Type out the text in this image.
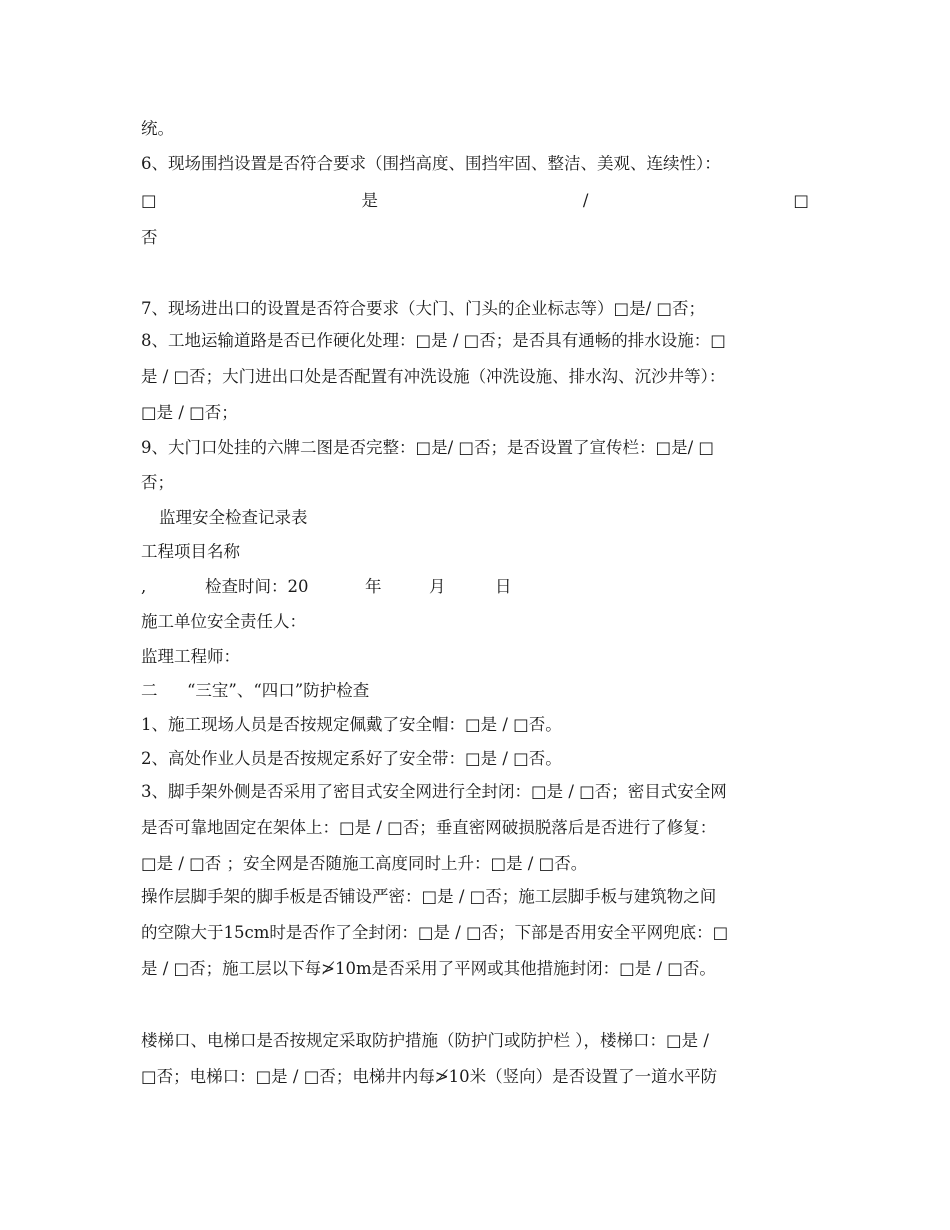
统。
6、现场围挡设置是否符合要求（围挡高度、围挡牢固、整洁、美观、连续性）：
□	是	/	□
否
7、现场进出口的设置是否符合要求（大门、门头的企业标志等）□是/ □否；
8、工地运输道路是否已作硬化处理：□是 / □否；是否具有通畅的排水设施：□
是 / □否；大门进出口处是否配置有冲洗设施（冲洗设施、排水沟、沉沙井等）：
□是 / □否；
9、大门口处挂的六牌二图是否完整：□是/ □否；是否设置了宣传栏：□是/ □
否；
监理安全检查记录表
工程项目名称
,	检查时间：20	年	月	日
施工单位安全责任人：
监理工程师：
二 “三宝”、“四口”防护检查
1、施工现场人员是否按规定佩戴了安全帽：□是 / □否。
2、高处作业人员是否按规定系好了安全带：□是 / □否。
3、脚手架外侧是否采用了密目式安全网进行全封闭：□是 / □否；密目式安全网
是否可靠地固定在架体上：□是 / □否；垂直密网破损脱落后是否进行了修复：
□是 / □否 ；安全网是否随施工高度同时上升：□是 / □否。
操作层脚手架的脚手板是否铺设严密：□是 / □否；施工层脚手板与建筑物之间
的空隙大于15cm时是否作了全封闭：□是 / □否；下部是否用安全平网兜底：□
是 / □否；施工层以下每≯10m是否采用了平网或其他措施封闭：□是 / □否。
楼梯口、电梯口是否按规定采取防护措施（防护门或防护栏 ），楼梯口：□是 /
□否；电梯口：□是 / □否；电梯井内每≯10米（竖向）是否设置了一道水平防
